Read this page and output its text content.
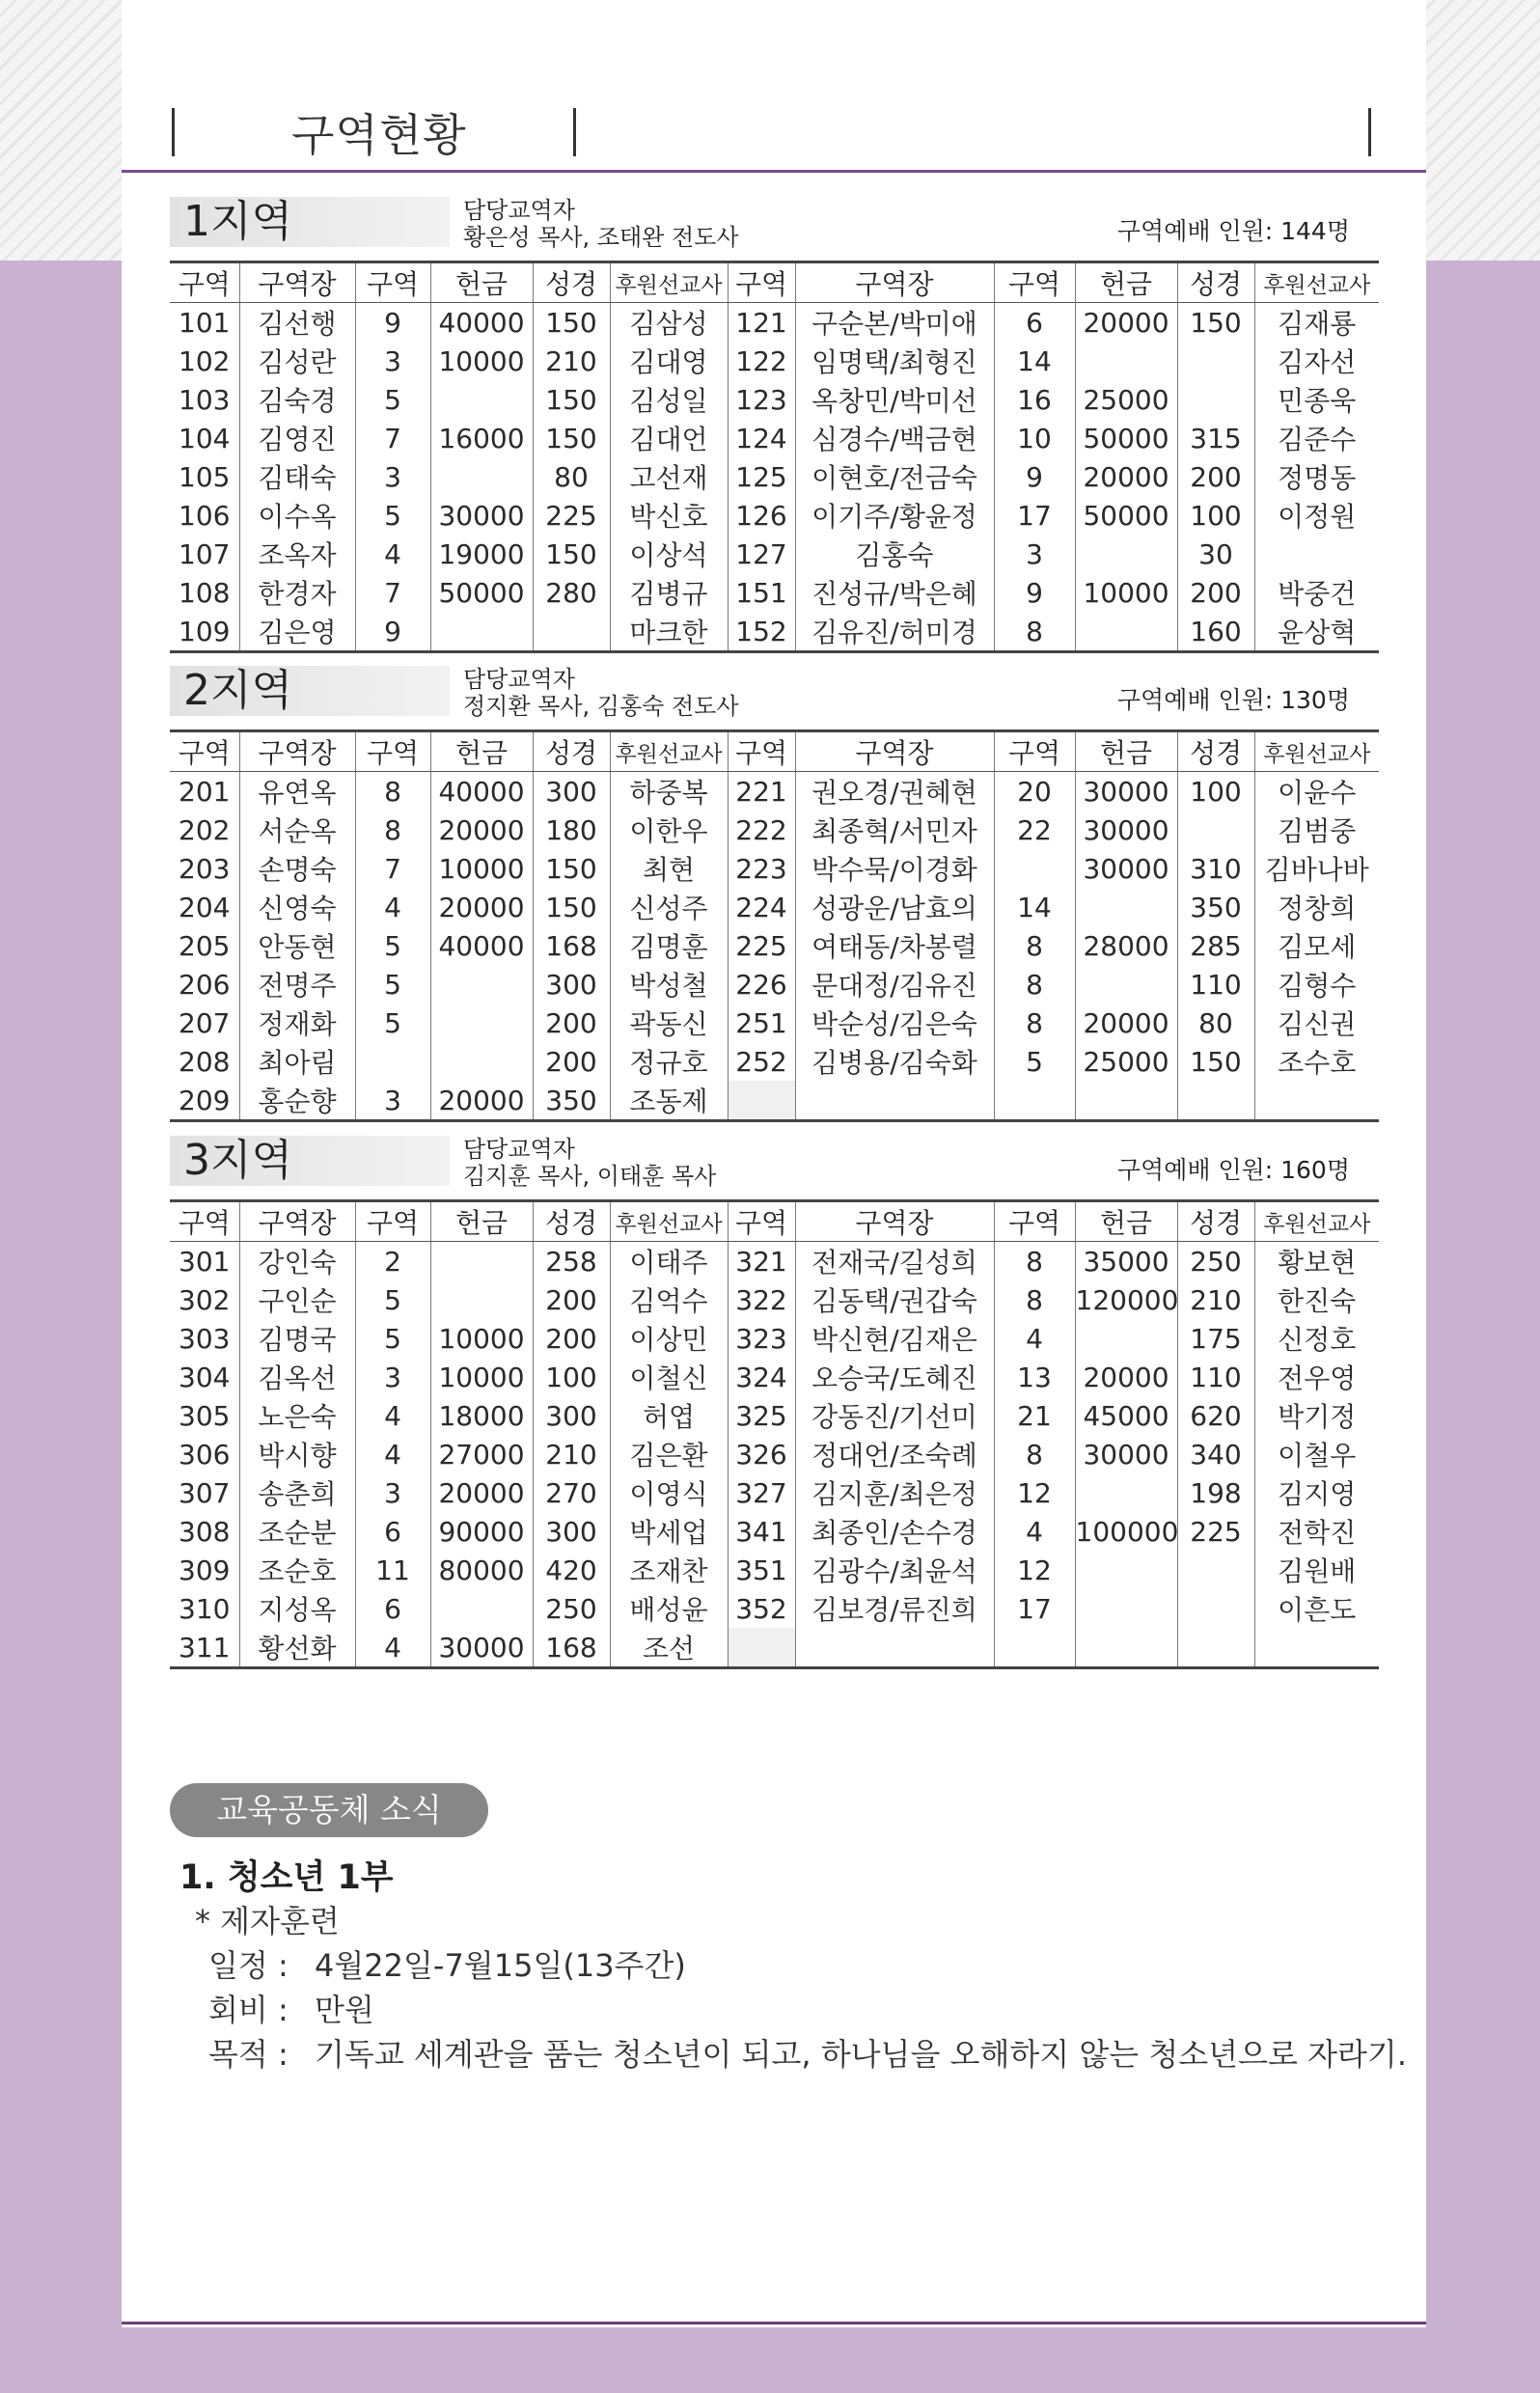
구역현황
1지역	담당교역자
황은성 목사, 조태완 전도사	구역예배 인원: 144명
구역	구역장	구역	헌금	성경	후원선교사	구역	구역장	구역	헌금	성경	후원선교사
101	김선행	9	40000	150	김삼성	121	구순본/박미애	6	20000	150	김재룡
102	김성란	3	10000	210	김대영	122	임명택/최형진	14			김자선
103	김숙경	5		150	김성일	123	옥창민/박미선	16	25000		민종욱
104	김영진	7	16000	150	김대언	124	심경수/백금현	10	50000	315	김준수
105	김태숙	3		80	고선재	125	이현호/전금숙	9	20000	200	정명동
106	이수옥	5	30000	225	박신호	126	이기주/황윤정	17	50000	100	이정원
107	조옥자	4	19000	150	이상석	127	김홍숙	3		30	
108	한경자	7	50000	280	김병규	151	진성규/박은혜	9	10000	200	박중건
109	김은영	9			마크한	152	김유진/허미경	8		160	윤상혁
2지역	담당교역자
정지환 목사, 김홍숙 전도사	구역예배 인원: 130명
구역	구역장	구역	헌금	성경	후원선교사	구역	구역장	구역	헌금	성경	후원선교사
201	유연옥	8	40000	300	하중복	221	권오경/권혜현	20	30000	100	이윤수
202	서순옥	8	20000	180	이한우	222	최종혁/서민자	22	30000		김범중
203	손명숙	7	10000	150	최현	223	박수묵/이경화		30000	310	김바나바
204	신영숙	4	20000	150	신성주	224	성광운/남효의	14		350	정창희
205	안동현	5	40000	168	김명훈	225	여태동/차봉렬	8	28000	285	김모세
206	전명주	5		300	박성철	226	문대정/김유진	8		110	김형수
207	정재화	5		200	곽동신	251	박순성/김은숙	8	20000	80	김신권
208	최아림			200	정규호	252	김병용/김숙화	5	25000	150	조수호
209	홍순향	3	20000	350	조동제						
3지역	담당교역자
김지훈 목사, 이태훈 목사	구역예배 인원: 160명
구역	구역장	구역	헌금	성경	후원선교사	구역	구역장	구역	헌금	성경	후원선교사
301	강인숙	2		258	이태주	321	전재국/길성희	8	35000	250	황보현
302	구인순	5		200	김억수	322	김동택/권갑숙	8	120000	210	한진숙
303	김명국	5	10000	200	이상민	323	박신현/김재은	4		175	신정호
304	김옥선	3	10000	100	이철신	324	오승국/도혜진	13	20000	110	전우영
305	노은숙	4	18000	300	허엽	325	강동진/기선미	21	45000	620	박기정
306	박시향	4	27000	210	김은환	326	정대언/조숙례	8	30000	340	이철우
307	송춘희	3	20000	270	이영식	327	김지훈/최은정	12		198	김지영
308	조순분	6	90000	300	박세업	341	최종인/손수경	4	100000	225	전학진
309	조순호	11	80000	420	조재찬	351	김광수/최윤석	12			김원배
310	지성옥	6		250	배성윤	352	김보경/류진희	17			이흔도
311	황선화	4	30000	168	조선						
교육공동체 소식
1. 청소년 1부
* 제자훈련
일정 : 4월22일-7월15일(13주간)
회비 : 만원
목적 : 기독교 세계관을 품는 청소년이 되고, 하나님을 오해하지 않는 청소년으로 자라기.
